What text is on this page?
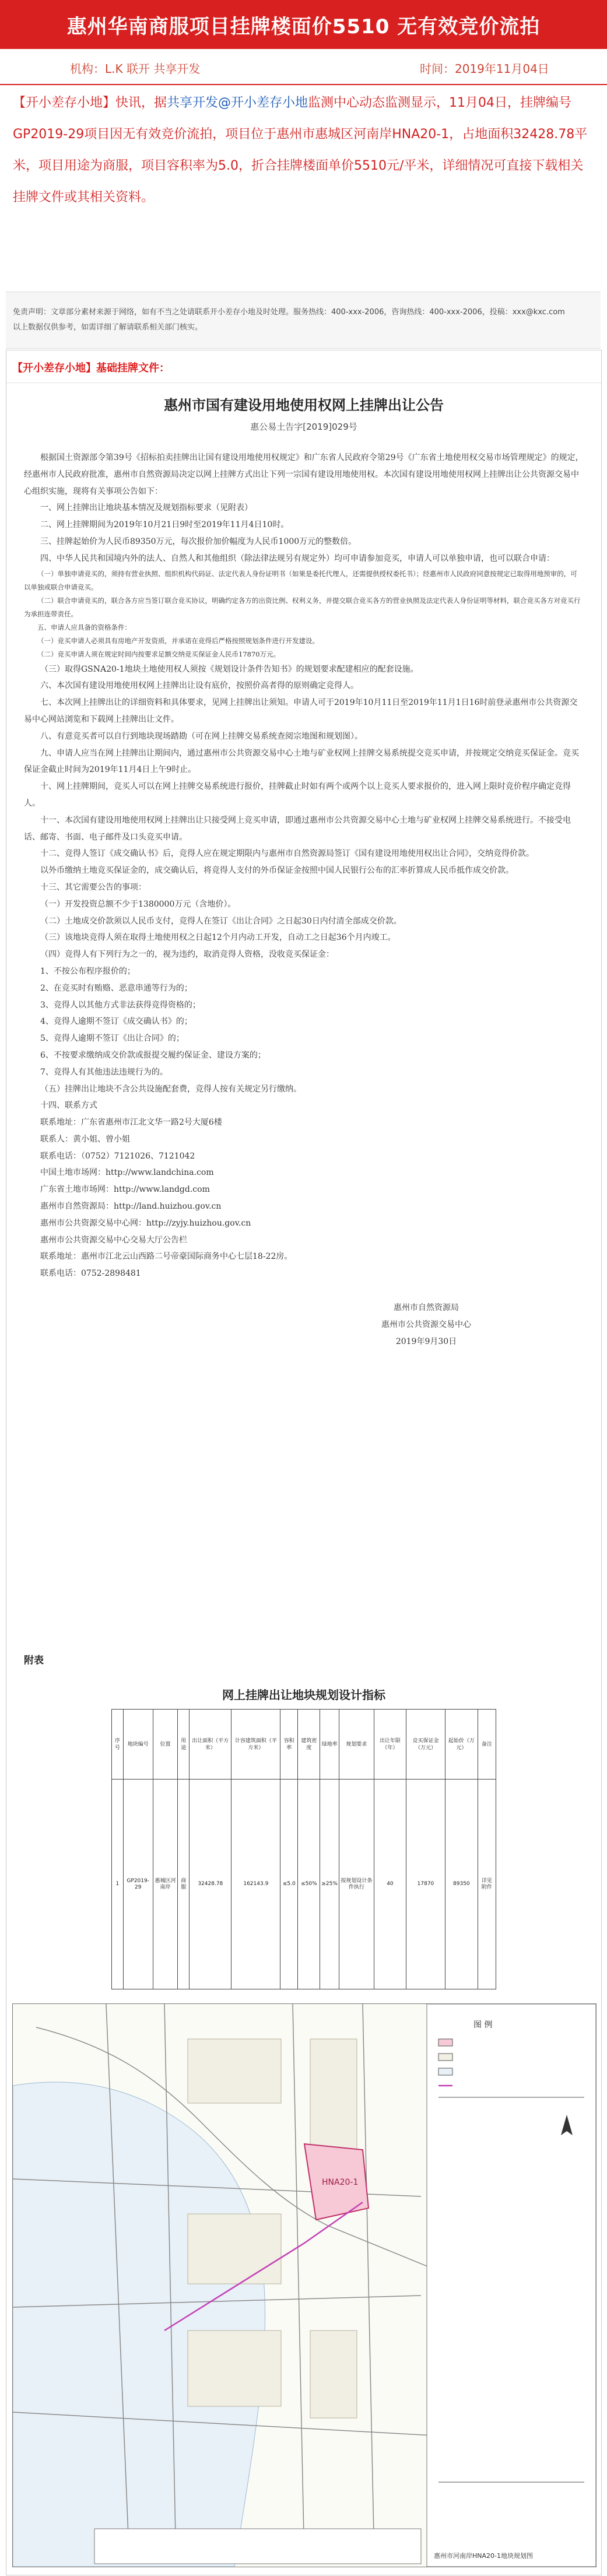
惠州华南商服项目挂牌楼面价5510 无有效竞价流拍
机构：L.K 联开 共享开发	时间：2019年11月04日
【开小差存小地】快讯，据共享开发@开小差存小地监测中心动态监测显示，11月04日，挂牌编号GP2019-29项目因无有效竞价流拍，项目位于惠州市惠城区河南岸HNA20-1，占地面积32428.78平米，项目用途为商服，项目容积率为5.0，折合挂牌楼面单价5510元/平米，详细情况可直接下载相关挂牌文件或其相关资料。
免责声明：文章部分素材来源于网络，如有不当之处请联系开小差存小地及时处理。服务热线：400-xxx-2006，咨询热线：400-xxx-2006，投稿：xxx@kxc.com
以上数据仅供参考，如需详细了解请联系相关部门核实。
【开小差存小地】基础挂牌文件：
惠州市国有建设用地使用权网上挂牌出让公告
惠公易土告字[2019]029号

根据国土资源部令第39号《招标拍卖挂牌出让国有建设用地使用权规定》和广东省人民政府令第29号《广东省土地使用权交易市场管理规定》的规定，经惠州市人民政府批准，惠州市自然资源局决定以网上挂牌方式出让下列一宗国有建设用地使用权。本次国有建设用地使用权网上挂牌出让公共资源交易中心组织实施，现将有关事项公告如下：

一、网上挂牌出让地块基本情况及规划指标要求（见附表）

二、网上挂牌期间为2019年10月21日9时至2019年11月4日10时。

三、挂牌起始价为人民币89350万元，每次报价加价幅度为人民币1000万元的整数倍。

四、中华人民共和国境内外的法人、自然人和其他组织（除法律法规另有规定外）均可申请参加竞买，申请人可以单独申请，也可以联合申请：

（一）单独申请竞买的，须持有营业执照、组织机构代码证、法定代表人身份证明书（如果是委托代理人，还需提供授权委托书）；经惠州市人民政府同意按规定已取得用地预审的，可以单独或联合申请竞买。

（二）联合申请竞买的，联合各方应当签订联合竞买协议，明确约定各方的出资比例、权利义务，并提交联合竞买各方的营业执照及法定代表人身份证明等材料，联合竞买各方对竞买行为承担连带责任。

五、申请人应具备的资格条件：

（一）竞买申请人必须具有房地产开发资质，并承诺在竞得后严格按照规划条件进行开发建设。

（二）竞买申请人须在规定时间内按要求足额交纳竞买保证金人民币17870万元。

（三）取得GSNA20-1地块土地使用权人须按《规划设计条件告知书》的规划要求配建相应的配套设施。

六、本次国有建设用地使用权网上挂牌出让设有底价，按照价高者得的原则确定竞得人。

七、本次网上挂牌出让的详细资料和具体要求，见网上挂牌出让须知。申请人可于2019年10月11日至2019年11月1日16时前登录惠州市公共资源交易中心网站浏览和下载网上挂牌出让文件。

八、有意竞买者可以自行到地块现场踏勘（可在网上挂牌交易系统查阅宗地图和规划图）。

九、申请人应当在网上挂牌出让期间内，通过惠州市公共资源交易中心土地与矿业权网上挂牌交易系统提交竞买申请，并按规定交纳竞买保证金。竞买保证金截止时间为2019年11月4日上午9时止。

十、网上挂牌期间，竞买人可以在网上挂牌交易系统进行报价，挂牌截止时如有两个或两个以上竞买人要求报价的，进入网上限时竞价程序确定竞得人。

十一、本次国有建设用地使用权网上挂牌出让只接受网上竞买申请，即通过惠州市公共资源交易中心土地与矿业权网上挂牌交易系统进行。不接受电话、邮寄、书面、电子邮件及口头竞买申请。

十二、竞得人签订《成交确认书》后，竞得人应在规定期限内与惠州市自然资源局签订《国有建设用地使用权出让合同》，交纳竞得价款。

以外币缴纳土地竞买保证金的，成交确认后，将竞得人支付的外币保证金按照中国人民银行公布的汇率折算成人民币抵作成交价款。

十三、其它需要公告的事项：

（一）开发投资总额不少于1380000万元（含地价）。

（二）土地成交价款须以人民币支付，竞得人在签订《出让合同》之日起30日内付清全部成交价款。

（三）该地块竞得人须在取得土地使用权之日起12个月内动工开发，自动工之日起36个月内竣工。

（四）竞得人有下列行为之一的，视为违约，取消竞得人资格，没收竞买保证金：

1、不按公布程序报价的；

2、在竞买时有贿赂、恶意串通等行为的；

3、竞得人以其他方式非法获得竞得资格的；

4、竞得人逾期不签订《成交确认书》的；

5、竞得人逾期不签订《出让合同》的；

6、不按要求缴纳成交价款或报提交履约保证金、建设方案的；

7、竞得人有其他违法违规行为的。

（五）挂牌出让地块不含公共设施配套费，竞得人按有关规定另行缴纳。

十四、联系方式

联系地址：广东省惠州市江北文华一路2号大厦6楼

联系人：黄小姐、曾小姐

联系电话：（0752）7121026、7121042

中国土地市场网：http://www.landchina.com

广东省土地市场网：http://www.landgd.com

惠州市自然资源局：http://land.huizhou.gov.cn

惠州市公共资源交易中心网：http://zyjy.huizhou.gov.cn

惠州市公共资源交易中心交易大厅公告栏

联系地址：惠州市江北云山西路二号帝豪国际商务中心七层18-22房。

联系电话：0752-2898481

惠州市自然资源局

惠州市公共资源交易中心

2019年9月30日

附表
网上挂牌出让地块规划设计指标
序号	地块编号	位置	用途	出让面积（平方米）	计容建筑面积（平方米）	容积率	建筑密度	绿地率	规划要求	出让年限（年）	竞买保证金（万元）	起始价（万元）	备注
1	GP2019-29	惠城区河南岸	商服	32428.78	162143.9	≤5.0	≤50%	≥25%	按规划设计条件执行	40	17870	89350	详见附件
HNA20-1
图 例
惠州市河南岸HNA20-1地块规划图
